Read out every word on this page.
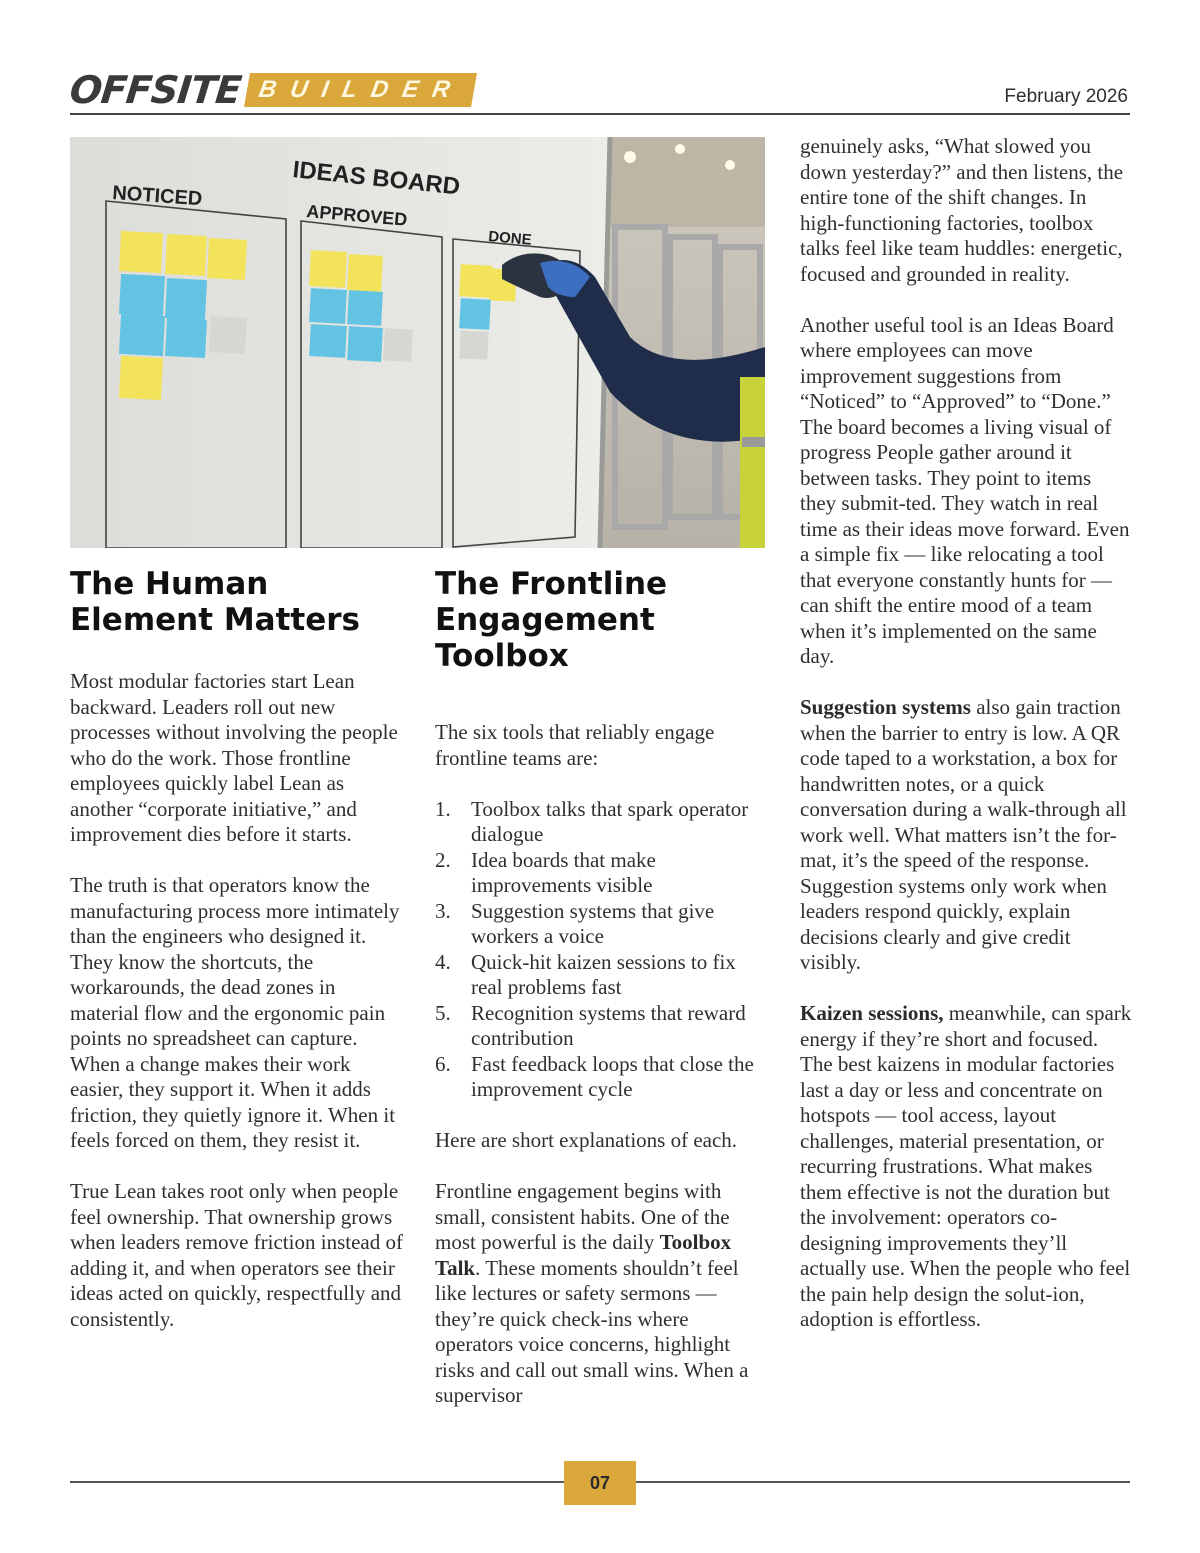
OFFSITE BUILDER	February 2026
IDEAS BOARD
NOTICED
APPROVED
DONE
The Human
Element Matters

Most modular factories start Lean backward. Leaders roll out new processes without involving the people who do the work. Those frontline employees quickly label Lean as another “corporate initiative,” and improvement dies before it starts.

The truth is that operators know the manufacturing process more intimately than the engineers who designed it. They know the shortcuts, the workarounds, the dead zones in material flow and the ergonomic pain points no spreadsheet can capture. When a change makes their work easier, they support it. When it adds friction, they quietly ignore it. When it feels forced on them, they resist it.

True Lean takes root only when people feel ownership. That ownership grows when leaders remove friction instead of adding it, and when operators see their ideas acted on quickly, respectfully and consistently.

The Frontline
Engagement
Toolbox

The six tools that reliably engage frontline teams are:

1. Toolbox talks that spark operator dialogue
2. Idea boards that make improvements visible
3. Suggestion systems that give workers a voice
4. Quick-hit kaizen sessions to fix real problems fast
5. Recognition systems that reward contribution
6. Fast feedback loops that close the improvement cycle

Here are short explanations of each.

Frontline engagement begins with small, consistent habits. One of the most powerful is the daily Toolbox Talk. These moments shouldn’t feel like lectures or safety sermons — they’re quick check-ins where operators voice concerns, highlight risks and call out small wins. When a supervisor

genuinely asks, “What slowed you down yesterday?” and then listens, the entire tone of the shift changes. In high-functioning factories, toolbox talks feel like team huddles: energetic, focused and grounded in reality.

Another useful tool is an Ideas Board where employees can move improvement suggestions from “Noticed” to “Approved” to “Done.” The board becomes a living visual of progress People gather around it between tasks. They point to items they submit-ted. They watch in real time as their ideas move forward. Even a simple fix — like relocating a tool that everyone constantly hunts for — can shift the entire mood of a team when it’s implemented on the same day.

Suggestion systems also gain traction when the barrier to entry is low. A QR code taped to a workstation, a box for handwritten notes, or a quick conversation during a walk-through all work well. What matters isn’t the for-mat, it’s the speed of the response. Suggestion systems only work when leaders respond quickly, explain decisions clearly and give credit visibly.

Kaizen sessions, meanwhile, can spark energy if they’re short and focused. The best kaizens in modular factories last a day or less and concentrate on hotspots — tool access, layout challenges, material presentation, or recurring frustrations. What makes them effective is not the duration but the involvement: operators co-designing improvements they’ll actually use. When the people who feel the pain help design the solut-ion, adoption is effortless.

07
